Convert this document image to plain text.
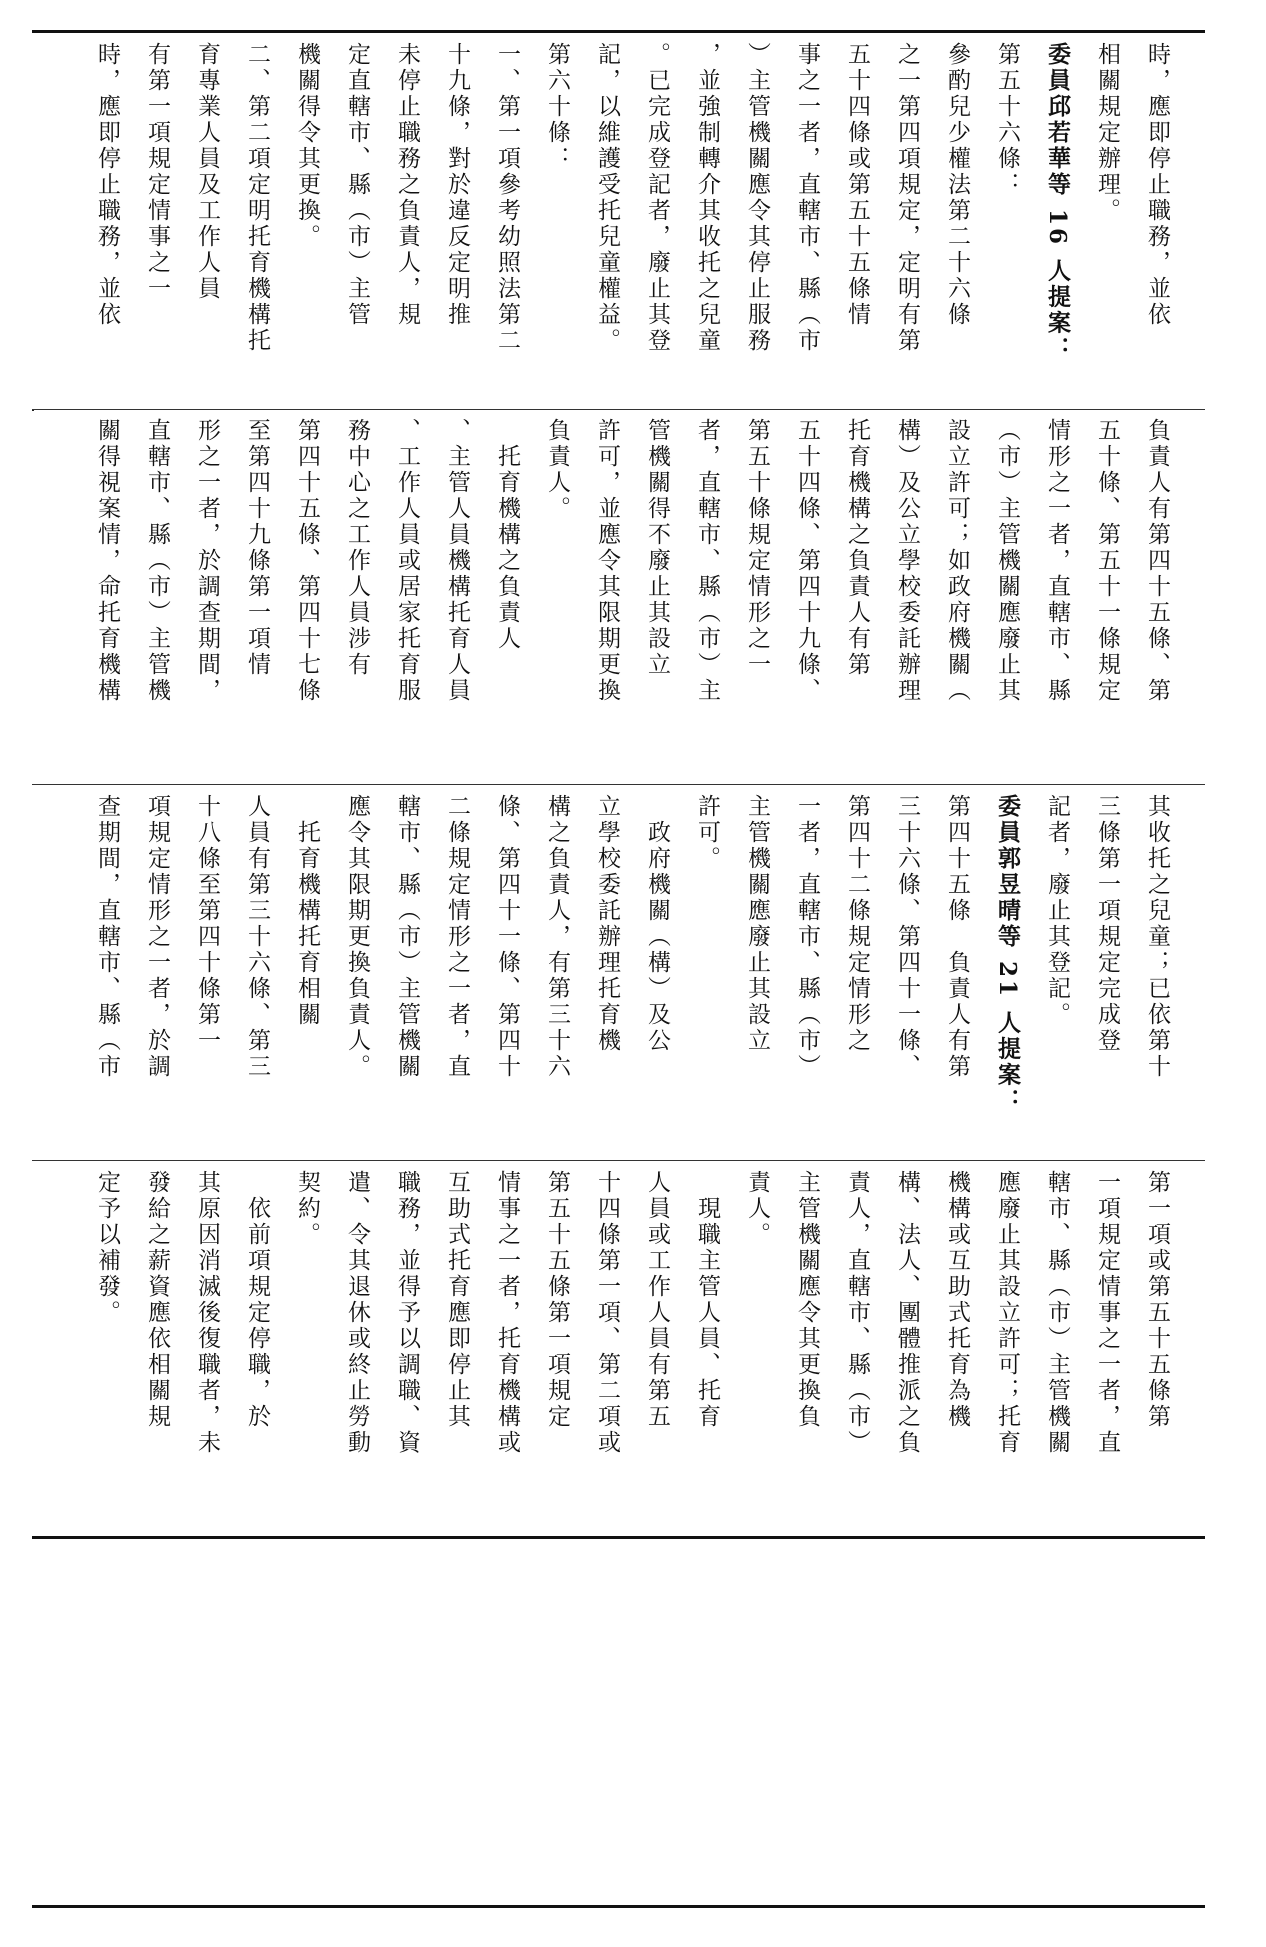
時，應即停止職務，並依

相關規定辦理。

委員邱若華等 16 人提案：

第五十六條：

參酌兒少權法第二十六條

之一第四項規定，定明有第

五十四條或第五十五條情

事之一者，直轄市、縣（市

）主管機關應令其停止服務

，並強制轉介其收托之兒童

。已完成登記者，廢止其登

記，以維護受托兒童權益。

第六十條：

一、第一項參考幼照法第二

十九條，對於違反定明推

未停止職務之負責人，規

定直轄市、縣（市）主管

機關得令其更換。

二、第二項定明托育機構托

育專業人員及工作人員

有第一項規定情事之一

時，應即停止職務，並依

負責人有第四十五條、第

五十條、第五十一條規定

情形之一者，直轄市、縣

（市）主管機關應廢止其

設立許可；如政府機關（

構）及公立學校委託辦理

托育機構之負責人有第

五十四條、第四十九條、

第五十條規定情形之一

者，直轄市、縣（市）主

管機關得不廢止其設立

許可，並應令其限期更換

負責人。

　托育機構之負責人

、主管人員機構托育人員

、工作人員或居家托育服

務中心之工作人員涉有

第四十五條、第四十七條

至第四十九條第一項情

形之一者，於調查期間，

直轄市、縣（市）主管機

關得視案情，命托育機構

其收托之兒童；已依第十

三條第一項規定完成登

記者，廢止其登記。

委員郭昱晴等 21 人提案：

第四十五條　負責人有第

三十六條、第四十一條、

第四十二條規定情形之

一者，直轄市、縣（市）

主管機關應廢止其設立

許可。

　政府機關（構）及公

立學校委託辦理托育機

構之負責人，有第三十六

條、第四十一條、第四十

二條規定情形之一者，直

轄市、縣（市）主管機關

應令其限期更換負責人。

　托育機構托育相關

人員有第三十六條、第三

十八條至第四十條第一

項規定情形之一者，於調

查期間，直轄市、縣（市

第一項或第五十五條第

一項規定情事之一者，直

轄市、縣（市）主管機關

應廢止其設立許可；托育

機構或互助式托育為機

構、法人、團體推派之負

責人，直轄市、縣（市）

主管機關應令其更換負

責人。

　現職主管人員、托育

人員或工作人員有第五

十四條第一項、第二項或

第五十五條第一項規定

情事之一者，托育機構或

互助式托育應即停止其

職務，並得予以調職、資

遣、令其退休或終止勞動

契約。

　依前項規定停職，於

其原因消滅後復職者，未

發給之薪資應依相關規

定予以補發。
